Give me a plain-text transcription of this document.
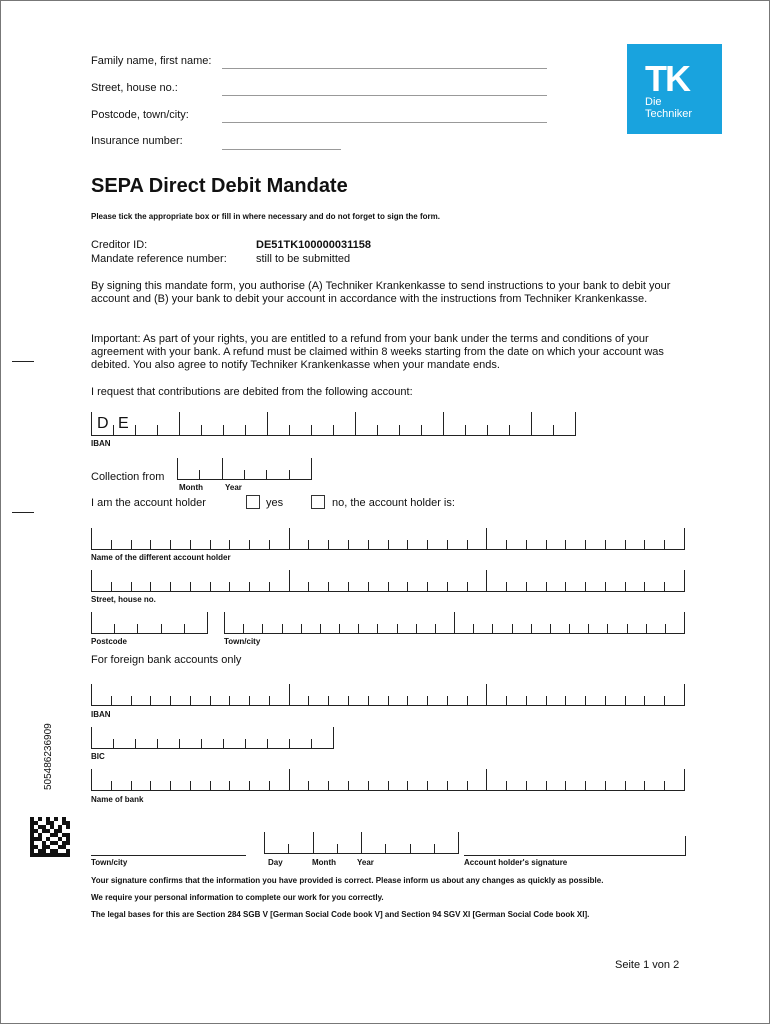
Family name, first name:
Street, house no.:
Postcode, town/city:
Insurance number:
TK
Die
Techniker
SEPA Direct Debit Mandate
Please tick the appropriate box or fill in where necessary and do not forget to sign the form.
Creditor ID:	DE51TK100000031158
Mandate reference number:	still to be submitted
By signing this mandate form, you authorise (A) Techniker Krankenkasse to send instructions to your bank to debit your account and (B) your bank to debit your account in accordance with the instructions from Techniker Krankenkasse.
Important: As part of your rights, you are entitled to a refund from your bank under the terms and conditions of your agreement with your bank. A refund must be claimed within 8 weeks starting from the date on which your account was debited. You also agree to notify Techniker Krankenkasse when your mandate ends.
I request that contributions are debited from the following account:
D E
IBAN
Collection from
Month	Year
I am the account holder	yes	no, the account holder is:
Name of the different account holder
Street, house no.
Postcode	Town/city
For foreign bank accounts only
IBAN
BIC
Name of bank
505486236909
Town/city	Day	Month	Year	Account holder's signature
Your signature confirms that the information you have provided is correct. Please inform us about any changes as quickly as possible.
We require your personal information to complete our work for you correctly.
The legal bases for this are Section 284 SGB V [German Social Code book V] and Section 94 SGV XI [German Social Code book XI].
Seite 1 von 2
